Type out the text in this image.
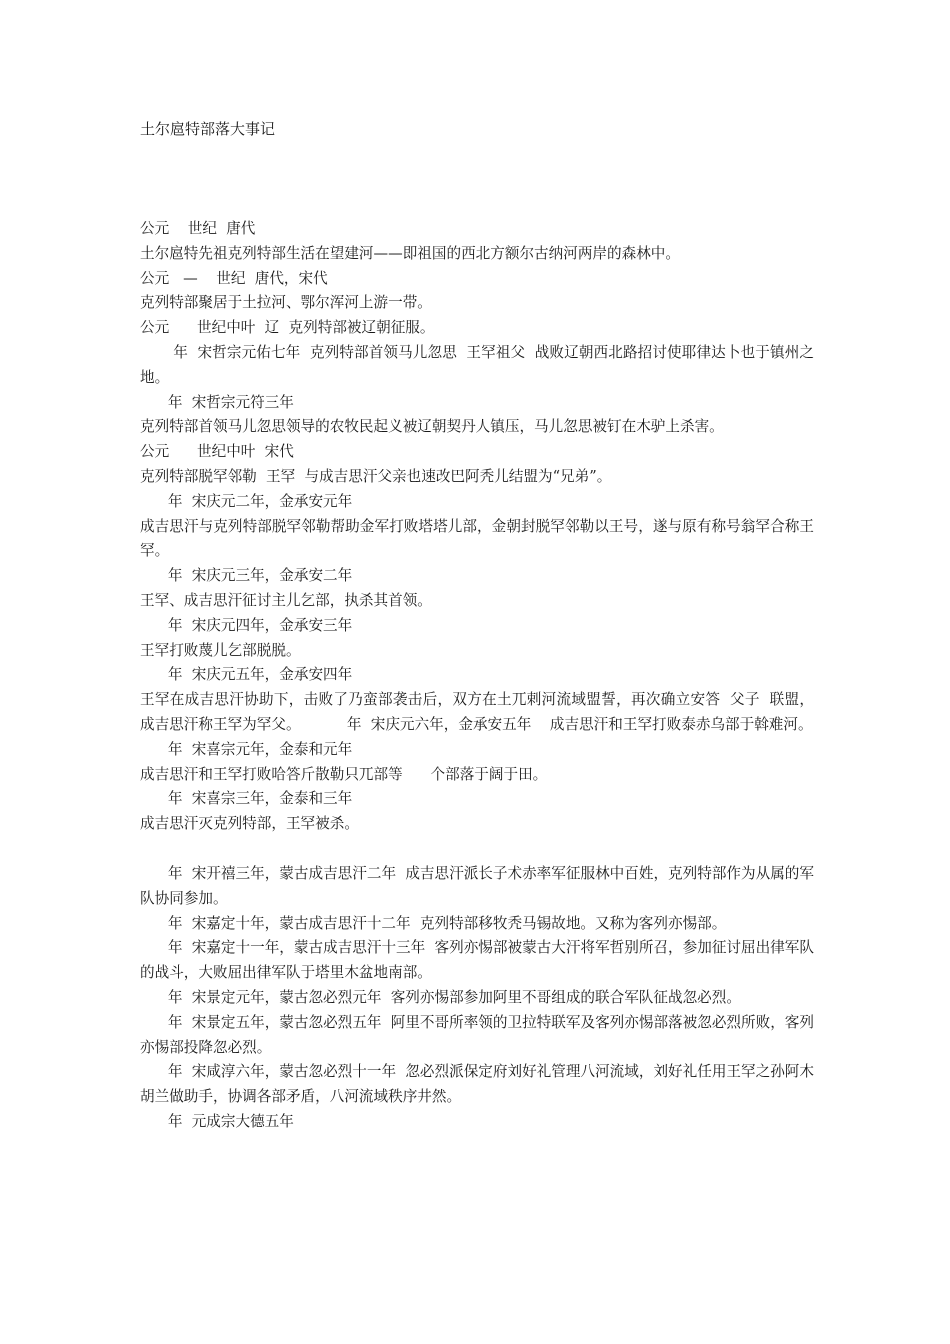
土尔扈特部落大事记

公元    世纪  唐代

土尔扈特先祖克列特部生活在望建河——即祖国的西北方额尔古纳河两岸的森林中。

公元   —    世纪  唐代，宋代

克列特部聚居于土拉河、鄂尔浑河上游一带。

公元      世纪中叶  辽  克列特部被辽朝征服。

年  宋哲宗元佑七年  克列特部首领马儿忽思  王罕祖父  战败辽朝西北路招讨使耶律达卜也于镇州之地。

年  宋哲宗元符三年

克列特部首领马儿忽思领导的农牧民起义被辽朝契丹人镇压，马儿忽思被钉在木驴上杀害。

公元      世纪中叶  宋代

克列特部脱罕邻勒  王罕  与成吉思汗父亲也速改巴阿秃儿结盟为“兄弟”。

年  宋庆元二年，金承安元年

成吉思汗与克列特部脱罕邻勒帮助金军打败塔塔儿部，金朝封脱罕邻勒以王号，遂与原有称号翁罕合称王罕。

年  宋庆元三年，金承安二年

王罕、成吉思汗征讨主儿乞部，执杀其首领。

年  宋庆元四年，金承安三年

王罕打败蔑儿乞部脱脱。

年  宋庆元五年，金承安四年

王罕在成吉思汗协助下，击败了乃蛮部袭击后，双方在土兀剌河流域盟誓，再次确立安答  父子  联盟，成吉思汗称王罕为罕父。          年  宋庆元六年，金承安五年    成吉思汗和王罕打败泰赤乌部于斡难河。

年  宋喜宗元年，金泰和元年

成吉思汗和王罕打败哈答斤散勒只兀部等      个部落于阔于田。

年  宋喜宗三年，金泰和三年

成吉思汗灭克列特部，王罕被杀。

年  宋开禧三年，蒙古成吉思汗二年  成吉思汗派长子术赤率军征服林中百姓，克列特部作为从属的军队协同参加。

年  宋嘉定十年，蒙古成吉思汗十二年  克列特部移牧秃马锡故地。又称为客列亦惕部。

年  宋嘉定十一年，蒙古成吉思汗十三年  客列亦惕部被蒙古大汗将军哲别所召，参加征讨屈出律军队的战斗，大败屈出律军队于塔里木盆地南部。

年  宋景定元年，蒙古忽必烈元年  客列亦惕部参加阿里不哥组成的联合军队征战忽必烈。

年  宋景定五年，蒙古忽必烈五年  阿里不哥所率领的卫拉特联军及客列亦惕部落被忽必烈所败，客列亦惕部投降忽必烈。

年  宋咸淳六年，蒙古忽必烈十一年  忽必烈派保定府刘好礼管理八河流域，刘好礼任用王罕之孙阿木胡兰做助手，协调各部矛盾，八河流域秩序井然。

年  元成宗大德五年
